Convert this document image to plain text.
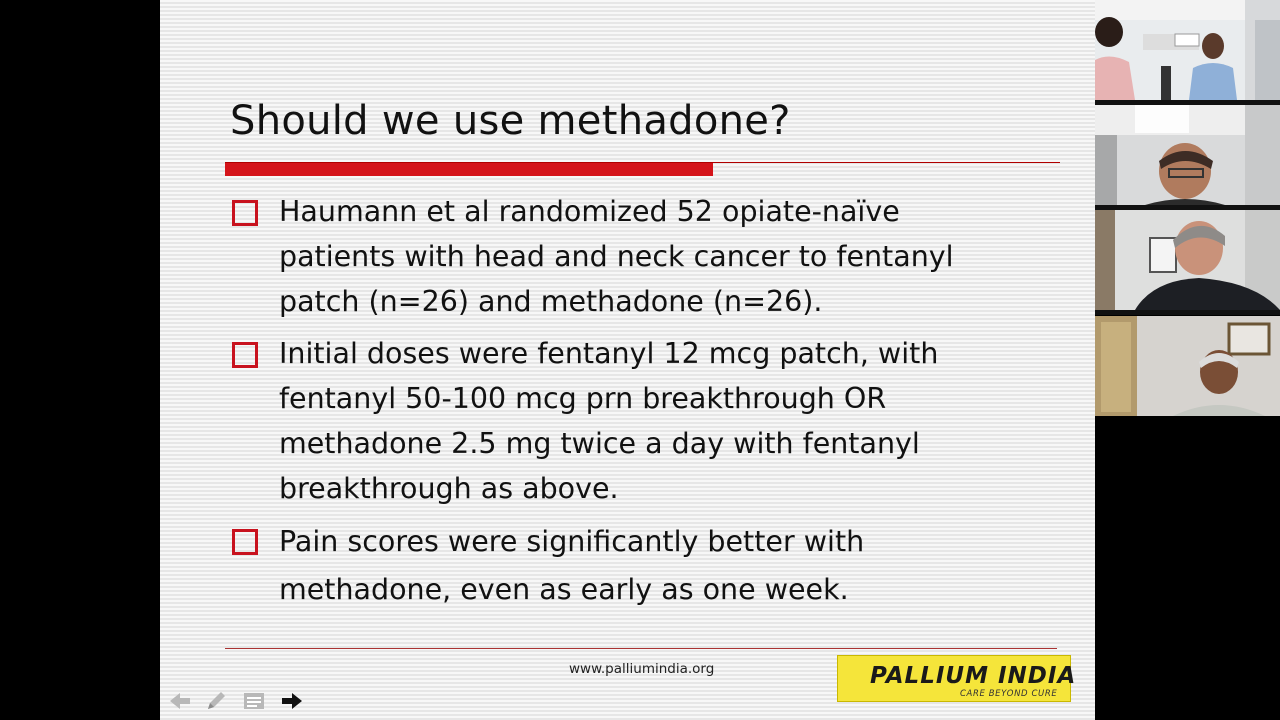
Should we use methadone?
Haumann et al randomized 52 opiate-naïve
patients with head and neck cancer to fentanyl
patch (n=26) and methadone (n=26).
Initial doses were fentanyl 12 mcg patch, with
fentanyl 50-100 mcg prn breakthrough OR
methadone 2.5 mg twice a day with fentanyl
breakthrough as above.
Pain scores were significantly better with
methadone, even as early as one week.
www.palliumindia.org	PALLIUM INDIA
CARE BEYOND CURE
